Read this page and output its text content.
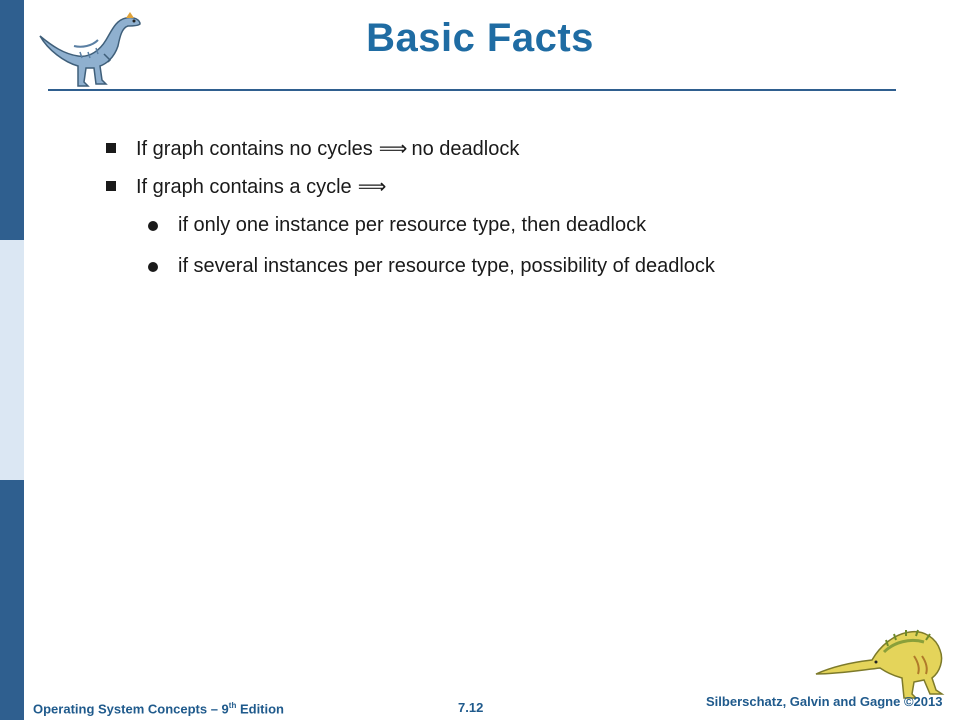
Basic Facts
If graph contains no cycles ⟹ no deadlock
If graph contains a cycle ⟹
if only one instance per resource type, then deadlock
if several instances per resource type, possibility of deadlock
Operating System Concepts – 9th Edition	7.12	Silberschatz, Galvin and Gagne ©2013
